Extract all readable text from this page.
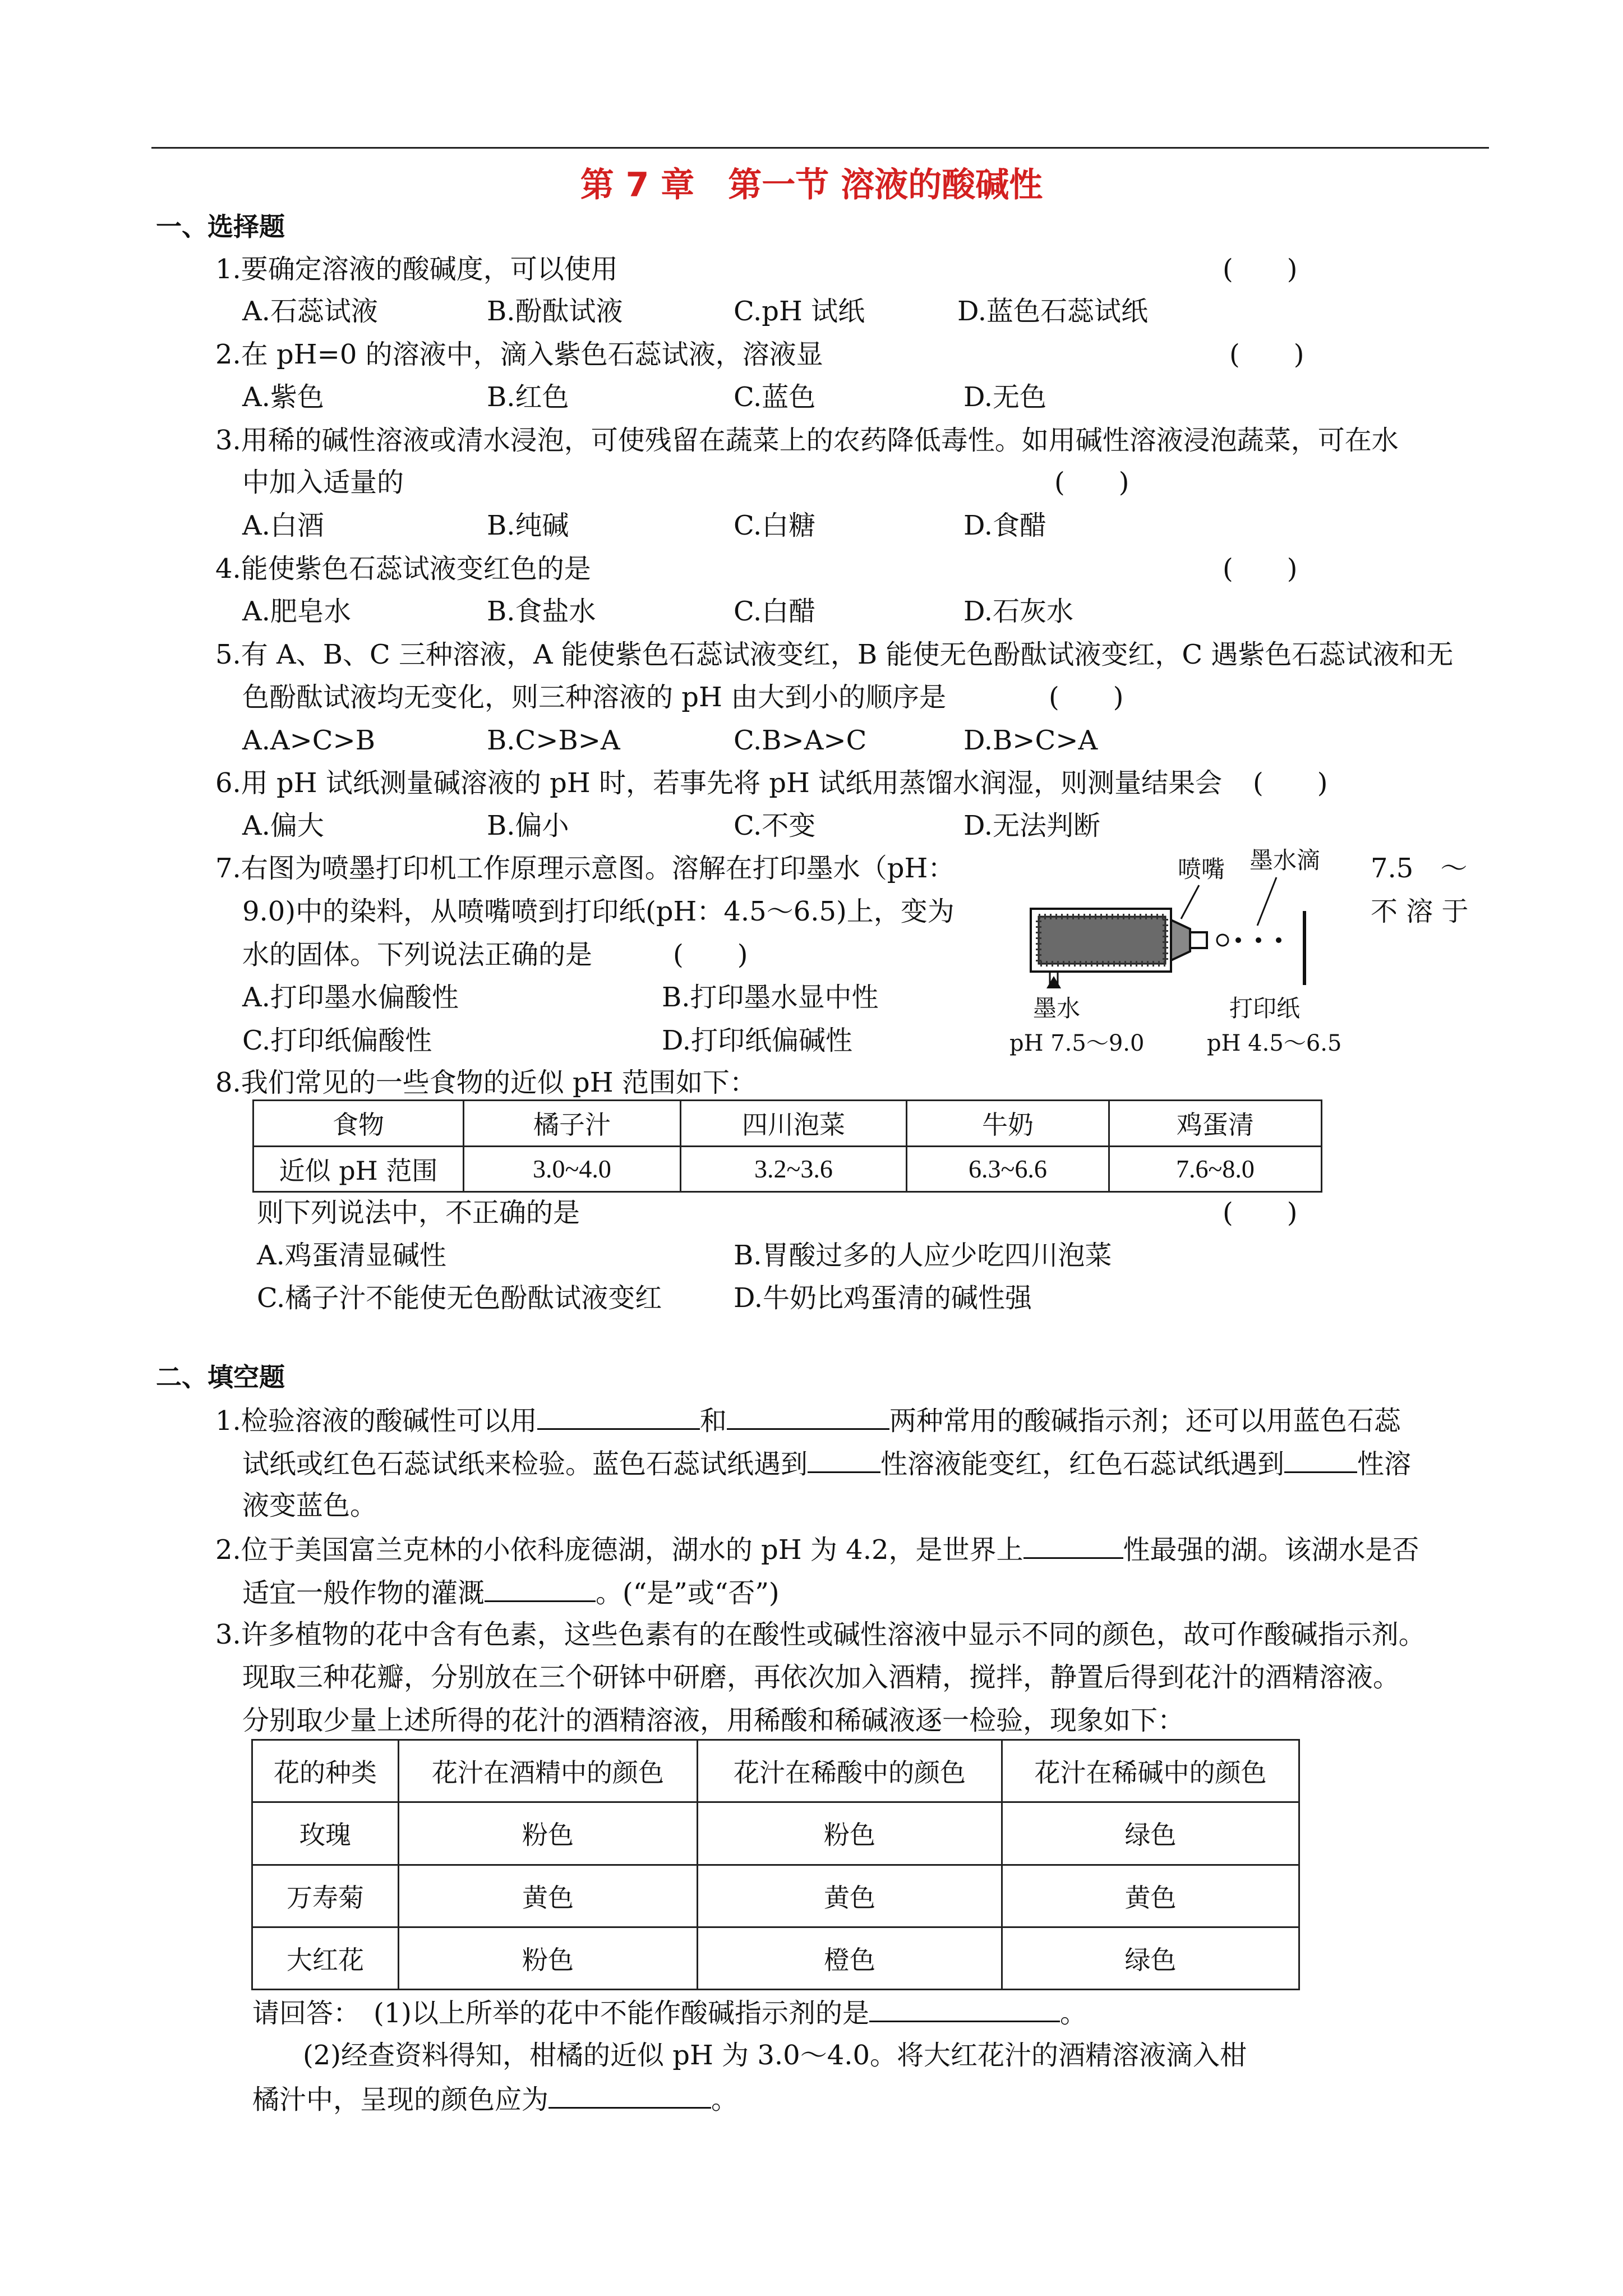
第 7 章　第一节 溶液的酸碱性
一、选择题
1.要确定溶液的酸碱度，可以使用	(　　)
A.石蕊试液	B.酚酞试液	C.pH 试纸	D.蓝色石蕊试纸
2.在 pH=0 的溶液中，滴入紫色石蕊试液，溶液显	(　　)
A.紫色	B.红色	C.蓝色	D.无色
3.用稀的碱性溶液或清水浸泡，可使残留在蔬菜上的农药降低毒性。如用碱性溶液浸泡蔬菜，可在水
中加入适量的	(　　)
A.白酒	B.纯碱	C.白糖	D.食醋
4.能使紫色石蕊试液变红色的是	(　　)
A.肥皂水	B.食盐水	C.白醋	D.石灰水
5.有 A、B、C 三种溶液，A 能使紫色石蕊试液变红，B 能使无色酚酞试液变红，C 遇紫色石蕊试液和无
色酚酞试液均无变化，则三种溶液的 pH 由大到小的顺序是	(　　)
A.A>C>B	B.C>B>A	C.B>A>C	D.B>C>A
6.用 pH 试纸测量碱溶液的 pH 时，若事先将 pH 试纸用蒸馏水润湿，则测量结果会 (　　)
A.偏大	B.偏小	C.不变	D.无法判断
7.右图为喷墨打印机工作原理示意图。溶解在打印墨水（pH：	7.5　～
9.0)中的染料，从喷嘴喷到打印纸(pH：4.5～6.5)上，变为	不 溶 于
水的固体。下列说法正确的是	(　　)
A.打印墨水偏酸性	B.打印墨水显中性
C.打印纸偏酸性	D.打印纸偏碱性
喷嘴 墨水滴
墨水
pH 7.5～9.0
打印纸
pH 4.5～6.5
8.我们常见的一些食物的近似 pH 范围如下：
食物	橘子汁	四川泡菜	牛奶	鸡蛋清
近似 pH 范围	3.0~4.0	3.2~3.6	6.3~6.6	7.6~8.0
则下列说法中，不正确的是	(　　)
A.鸡蛋清显碱性	B.胃酸过多的人应少吃四川泡菜
C.橘子汁不能使无色酚酞试液变红	D.牛奶比鸡蛋清的碱性强
二、填空题
1.检验溶液的酸碱性可以用	和	两种常用的酸碱指示剂；还可以用蓝色石蕊
试纸或红色石蕊试纸来检验。蓝色石蕊试纸遇到	性溶液能变红，红色石蕊试纸遇到	性溶
液变蓝色。
2.位于美国富兰克林的小依科庞德湖，湖水的 pH 为 4.2，是世界上	性最强的湖。该湖水是否
适宜一般作物的灌溉	。(“是”或“否”)
3.许多植物的花中含有色素，这些色素有的在酸性或碱性溶液中显示不同的颜色，故可作酸碱指示剂。
现取三种花瓣，分别放在三个研钵中研磨，再依次加入酒精，搅拌，静置后得到花汁的酒精溶液。
分别取少量上述所得的花汁的酒精溶液，用稀酸和稀碱液逐一检验，现象如下：
花的种类	花汁在酒精中的颜色	花汁在稀酸中的颜色	花汁在稀碱中的颜色
玫瑰	粉色	粉色	绿色
万寿菊	黄色	黄色	黄色
大红花	粉色	橙色	绿色
请回答：　(1)以上所举的花中不能作酸碱指示剂的是	。
(2)经查资料得知，柑橘的近似 pH 为 3.0～4.0。将大红花汁的酒精溶液滴入柑
橘汁中，呈现的颜色应为	。
